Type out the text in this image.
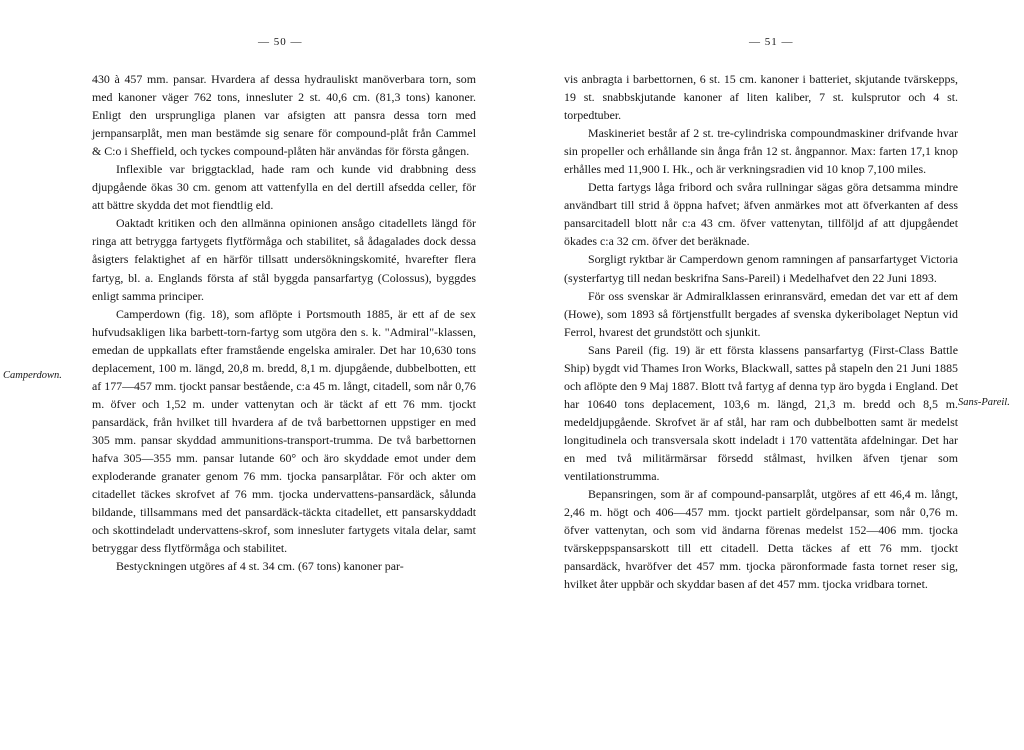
— 50 —

430 à 457 mm. pansar. Hvardera af dessa hydrauliskt manöverbara torn, som med kanoner väger 762 tons, innesluter 2 st. 40,6 cm. (81,3 tons) kanoner. Enligt den ursprungliga planen var afsigten att pansra dessa torn med jernpansarplåt, men man bestämde sig senare för compound-plåt från Cammel & C:o i Sheffield, och tyckes compound-plåten här användas för första gången.

Inflexible var briggtacklad, hade ram och kunde vid drabbning dess djupgående ökas 30 cm. genom att vattenfylla en del dertill afsedda celler, för att bättre skydda det mot fiendtlig eld.

Oaktadt kritiken och den allmänna opinionen ansågo citadellets längd för ringa att betrygga fartygets flytförmåga och stabilitet, så ådagalades dock dessa åsigters felaktighet af en härför tillsatt undersökningskomité, hvarefter flera fartyg, bl. a. Englands första af stål byggda pansarfartyg (Colossus), byggdes enligt samma principer.

Camperdown (fig. 18), som aflöpte i Portsmouth 1885, är ett af de sex hufvudsakligen lika barbett-torn-fartyg som utgöra den s. k. "Admiral"-klassen, emedan de uppkallats efter framstående engelska amiraler. Det har 10,630 tons deplacement, 100 m. längd, 20,8 m. bredd, 8,1 m. djupgående, dubbelbotten, ett af 177—457 mm. tjockt pansar bestående, c:a 45 m. långt, citadell, som når 0,76 m. öfver och 1,52 m. under vattenytan och är täckt af ett 76 mm. tjockt pansardäck, från hvilket till hvardera af de två barbettornen uppstiger en med 305 mm. pansar skyddad ammunitions-transport-trumma. De två barbettornen hafva 305—355 mm. pansar lutande 60° och äro skyddade emot under dem exploderande granater genom 76 mm. tjocka pansarplåtar. För och akter om citadellet täckes skrofvet af 76 mm. tjocka undervattens-pansardäck, sålunda bildande, tillsammans med det pansardäck-täckta citadellet, ett pansarskyddadt och skottindeladt undervattens-skrof, som innesluter fartygets vitala delar, samt betryggar dess flytförmåga och stabilitet.

Bestyckningen utgöres af 4 st. 34 cm. (67 tons) kanoner par-

Camperdown.
— 51 —

vis anbragta i barbettornen, 6 st. 15 cm. kanoner i batteriet, skjutande tvärskepps, 19 st. snabbskjutande kanoner af liten kaliber, 7 st. kulsprutor och 4 st. torpedtuber.

Maskineriet består af 2 st. tre-cylindriska compoundmaskiner drifvande hvar sin propeller och erhållande sin ånga från 12 st. ångpannor. Max: farten 17,1 knop erhålles med 11,900 I. Hk., och är verkningsradien vid 10 knop 7,100 miles.

Detta fartygs låga fribord och svåra rullningar sägas göra detsamma mindre användbart till strid å öppna hafvet; äfven anmärkes mot att öfverkanten af dess pansarcitadell blott når c:a 43 cm. öfver vattenytan, tillföljd af att djupgåendet ökades c:a 32 cm. öfver det beräknade.

Sorgligt ryktbar är Camperdown genom ramningen af pansarfartyget Victoria (systerfartyg till nedan beskrifna Sans-Pareil) i Medelhafvet den 22 Juni 1893.

För oss svenskar är Admiralklassen erinransvärd, emedan det var ett af dem (Howe), som 1893 så förtjenstfullt bergades af svenska dykeribolaget Neptun vid Ferrol, hvarest det grundstött och sjunkit.

Sans Pareil (fig. 19) är ett första klassens pansarfartyg (First-Class Battle Ship) bygdt vid Thames Iron Works, Blackwall, sattes på stapeln den 21 Juni 1885 och aflöpte den 9 Maj 1887. Blott två fartyg af denna typ äro bygda i England. Det har 10640 tons deplacement, 103,6 m. längd, 21,3 m. bredd och 8,5 m. medeldjupgående. Skrofvet är af stål, har ram och dubbelbotten samt är medelst longitudinela och transversala skott indeladt i 170 vattentäta afdelningar. Det har en med två militärmärsar försedd stålmast, hvilken äfven tjenar som ventilationstrumma.

Bepansringen, som är af compound-pansarplåt, utgöres af ett 46,4 m. långt, 2,46 m. högt och 406—457 mm. tjockt partielt gördelpansar, som når 0,76 m. öfver vattenytan, och som vid ändarna förenas medelst 152—406 mm. tjocka tvärskeppspansarskott till ett citadell. Detta täckes af ett 76 mm. tjockt pansardäck, hvaröfver det 457 mm. tjocka päronformade fasta tornet reser sig, hvilket åter uppbär och skyddar basen af det 457 mm. tjocka vridbara tornet.

Sans-Pareil.
